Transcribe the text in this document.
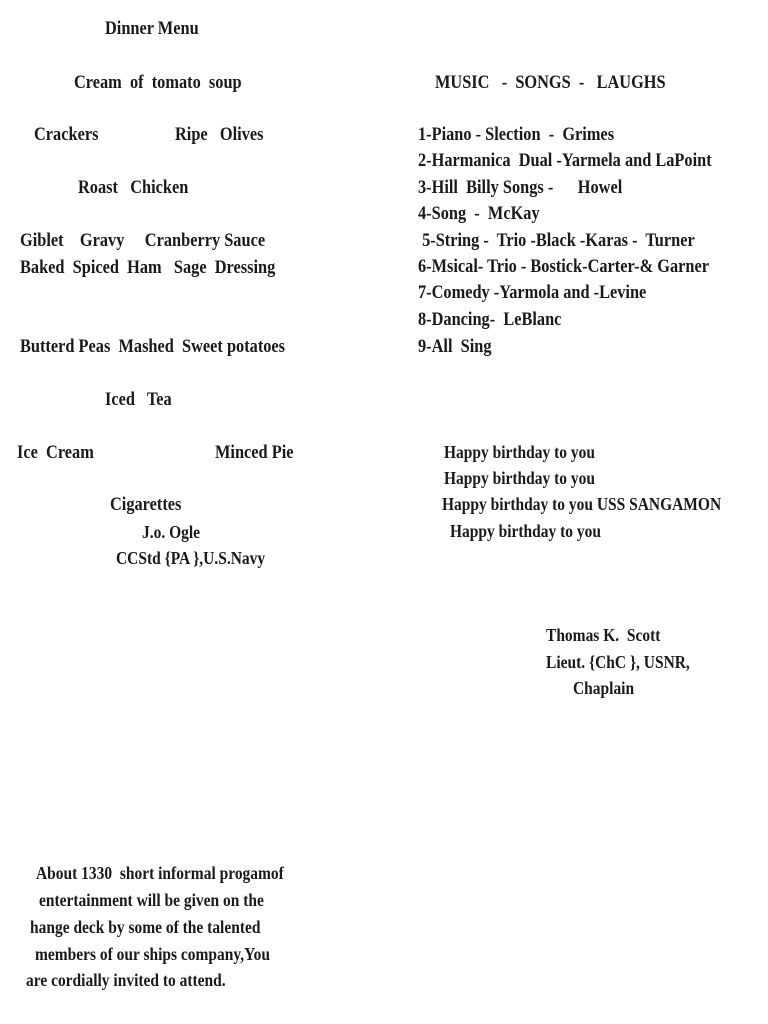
Dinner Menu
Cream  of  tomato  soup
Crackers	Ripe   Olives
Roast   Chicken
Giblet    Gravy     Cranberry Sauce
Baked  Spiced  Ham   Sage  Dressing
Butterd Peas  Mashed  Sweet potatoes
Iced   Tea
Ice  Cream	Minced Pie
Cigarettes
J.o. Ogle
CCStd {PA },U.S.Navy
MUSIC   -  SONGS  -   LAUGHS
1-Piano - Slection  -  Grimes
2-Harmanica  Dual -Yarmela and LaPoint
3-Hill  Billy Songs -      Howel
4-Song  -  McKay
5-String -  Trio -Black -Karas -  Turner
6-Msical- Trio - Bostick-Carter-& Garner
7-Comedy -Yarmola and -Levine
8-Dancing-  LeBlanc
9-All  Sing
Happy birthday to you
Happy birthday to you
Happy birthday to you USS SANGAMON
Happy birthday to you
Thomas K.  Scott
Lieut. {ChC }, USNR,
Chaplain
About 1330  short informal progamof
entertainment will be given on the
hange deck by some of the talented
members of our ships company,You
are cordially invited to attend.
